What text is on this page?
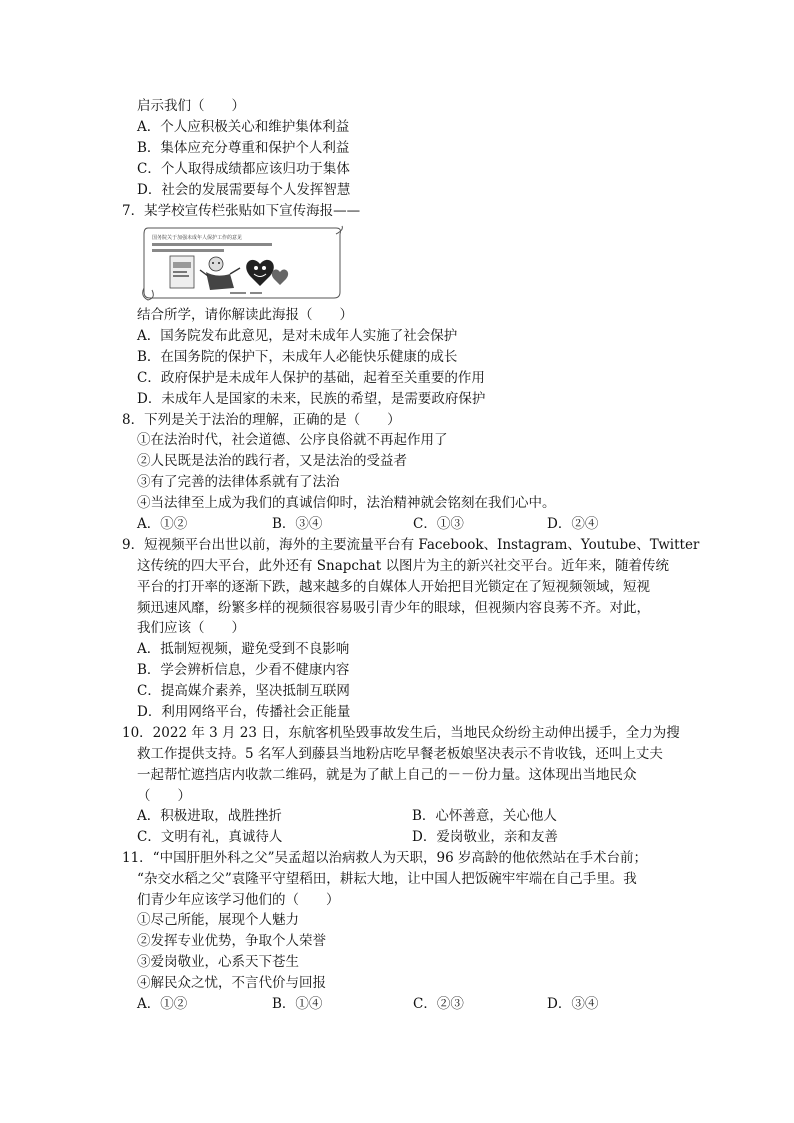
启示我们（　　）
A．个人应积极关心和维护集体利益
B．集体应充分尊重和保护个人利益
C．个人取得成绩都应该归功于集体
D．社会的发展需要每个人发挥智慧
7．某学校宣传栏张贴如下宣传海报——
国务院关于加强未成年人保护工作的意见
结合所学，请你解读此海报（　　）
A．国务院发布此意见，是对未成年人实施了社会保护
B．在国务院的保护下，未成年人必能快乐健康的成长
C．政府保护是未成年人保护的基础，起着至关重要的作用
D．未成年人是国家的未来，民族的希望，是需要政府保护
8．下列是关于法治的理解，正确的是（　　）
①在法治时代，社会道德、公序良俗就不再起作用了
②人民既是法治的践行者，又是法治的受益者
③有了完善的法律体系就有了法治
④当法律至上成为我们的真诚信仰时，法治精神就会铭刻在我们心中。
A．①②	B．③④	C．①③	D．②④
9．短视频平台出世以前，海外的主要流量平台有 Facebook、Instagram、Youtube、Twitter
这传统的四大平台，此外还有 Snapchat 以图片为主的新兴社交平台。近年来，随着传统
平台的打开率的逐渐下跌，越来越多的自媒体人开始把目光锁定在了短视频领域，短视
频迅速风靡，纷繁多样的视频很容易吸引青少年的眼球，但视频内容良莠不齐。对此，
我们应该（　　）
A．抵制短视频，避免受到不良影响
B．学会辨析信息，少看不健康内容
C．提高媒介素养，坚决抵制互联网
D．利用网络平台，传播社会正能量
10．2022 年 3 月 23 日，东航客机坠毁事故发生后，当地民众纷纷主动伸出援手，全力为搜
救工作提供支持。5 名军人到藤县当地粉店吃早餐老板娘坚决表示不肯收钱，还叫上丈夫
一起帮忙遮挡店内收款二维码，就是为了献上自己的－－份力量。这体现出当地民众
（　　）
A．积极进取，战胜挫折	B．心怀善意，关心他人
C．文明有礼，真诚待人	D．爱岗敬业，亲和友善
11．“中国肝胆外科之父”吴孟超以治病救人为天职，96 岁高龄的他依然站在手术台前；
“杂交水稻之父”袁隆平守望稻田，耕耘大地，让中国人把饭碗牢牢端在自己手里。我
们青少年应该学习他们的（　　）
①尽己所能，展现个人魅力
②发挥专业优势，争取个人荣誉
③爱岗敬业，心系天下苍生
④解民众之忧，不言代价与回报
A．①②	B．①④	C．②③	D．③④
